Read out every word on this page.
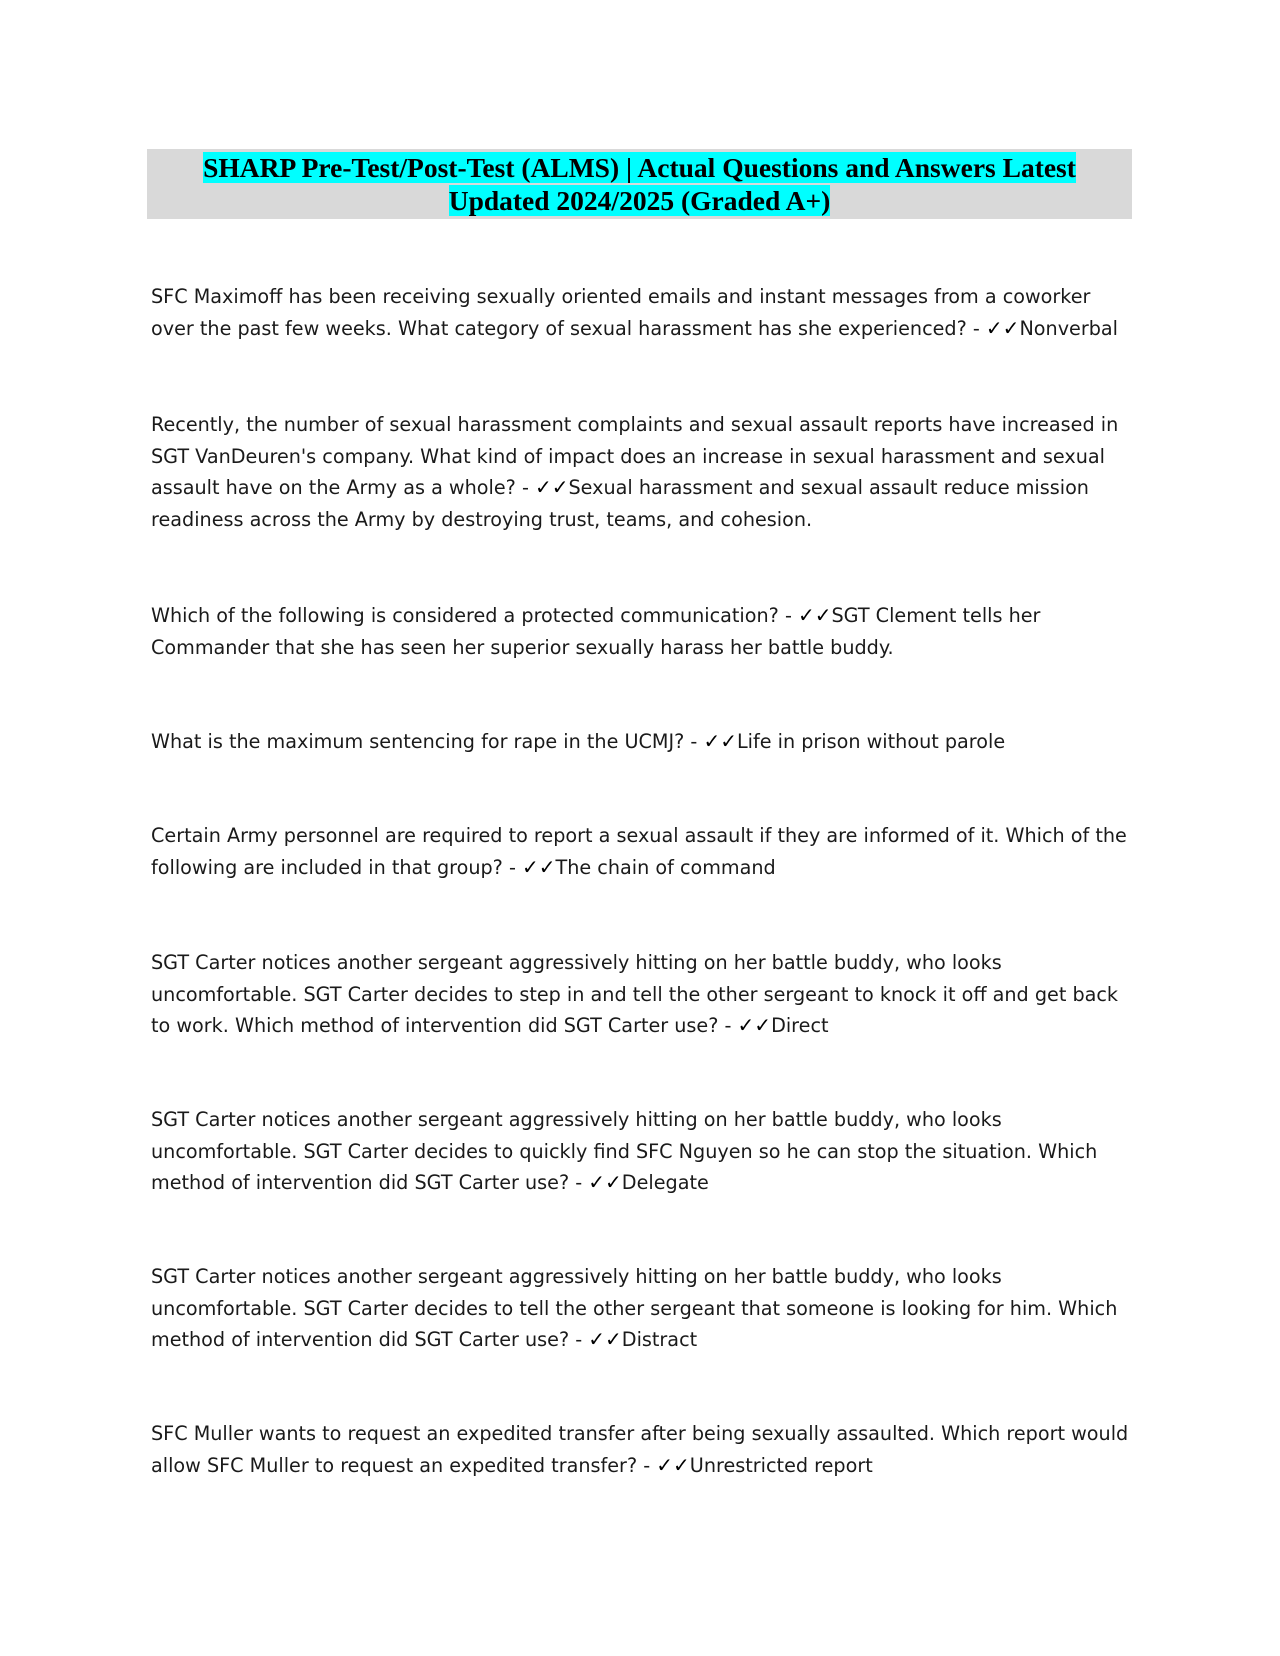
SHARP Pre-Test/Post-Test (ALMS) | Actual Questions and Answers Latest
Updated 2024/2025 (Graded A+)

SFC Maximoff has been receiving sexually oriented emails and instant messages from a coworker over the past few weeks. What category of sexual harassment has she experienced? - ✓✓Nonverbal

Recently, the number of sexual harassment complaints and sexual assault reports have increased in SGT VanDeuren's company. What kind of impact does an increase in sexual harassment and sexual assault have on the Army as a whole? - ✓✓Sexual harassment and sexual assault reduce mission readiness across the Army by destroying trust, teams, and cohesion.

Which of the following is considered a protected communication? - ✓✓SGT Clement tells her Commander that she has seen her superior sexually harass her battle buddy.

What is the maximum sentencing for rape in the UCMJ? - ✓✓Life in prison without parole

Certain Army personnel are required to report a sexual assault if they are informed of it. Which of the following are included in that group? - ✓✓The chain of command

SGT Carter notices another sergeant aggressively hitting on her battle buddy, who looks uncomfortable. SGT Carter decides to step in and tell the other sergeant to knock it off and get back to work. Which method of intervention did SGT Carter use? - ✓✓Direct

SGT Carter notices another sergeant aggressively hitting on her battle buddy, who looks uncomfortable. SGT Carter decides to quickly find SFC Nguyen so he can stop the situation. Which method of intervention did SGT Carter use? - ✓✓Delegate

SGT Carter notices another sergeant aggressively hitting on her battle buddy, who looks uncomfortable. SGT Carter decides to tell the other sergeant that someone is looking for him. Which method of intervention did SGT Carter use? - ✓✓Distract

SFC Muller wants to request an expedited transfer after being sexually assaulted. Which report would allow SFC Muller to request an expedited transfer? - ✓✓Unrestricted report
